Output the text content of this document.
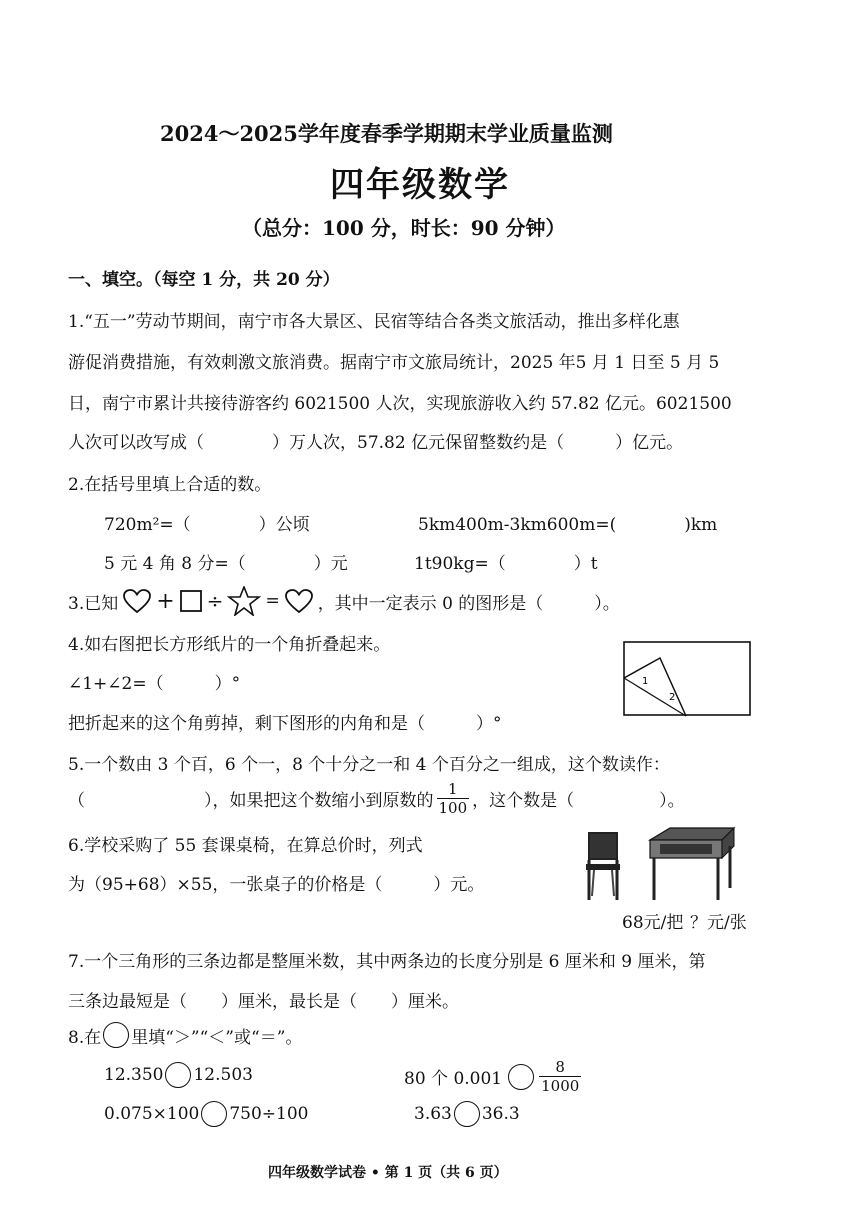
2024～2025学年度春季学期期末学业质量监测
四年级数学
（总分：100 分，时长：90 分钟）
一、填空。（每空 1 分，共 20 分）
1.“五一”劳动节期间，南宁市各大景区、民宿等结合各类文旅活动，推出多样化惠
游促消费措施，有效刺激文旅消费。据南宁市文旅局统计，2025 年5 月 1 日至 5 月 5
日，南宁市累计共接待游客约 6021500 人次，实现旅游收入约 57.82 亿元。6021500
人次可以改写成（　　　　）万人次，57.82 亿元保留整数约是（　　　）亿元。
2.在括号里填上合适的数。
720m²=（　　　　）公顷	5km400m-3km600m=(　　　　)km
5 元 4 角 8 分=（　　　　）元	1t90kg=（　　　　）t
3.已知 + ÷ = ，其中一定表示 0 的图形是（　　　）。
4.如右图把长方形纸片的一个角折叠起来。
∠1+∠2=（　　　）°
把折起来的这个角剪掉，剩下图形的内角和是（　　　）°
1
2
5.一个数由 3 个百，6 个一，8 个十分之一和 4 个百分之一组成，这个数读作：
（　　　　　　　），如果把这个数缩小到原数的 $\frac{1}{100}$ ，这个数是（　　　　　）。
6.学校采购了 55 套课桌椅，在算总价时，列式
为（95+68）×55，一张桌子的价格是（　　　）元。
68元/把 ？元/张
7.一个三角形的三条边都是整厘米数，其中两条边的长度分别是 6 厘米和 9 厘米，第
三条边最短是（　　）厘米，最长是（　　）厘米。
8.在 里填“＞”“＜”或“＝”。
12.350 12.503	80 个 $0.001 \frac{8}{1000}$
0.075×100 750÷100	3.63 36.3
四年级数学试卷 • 第 1 页（共 6 页）
